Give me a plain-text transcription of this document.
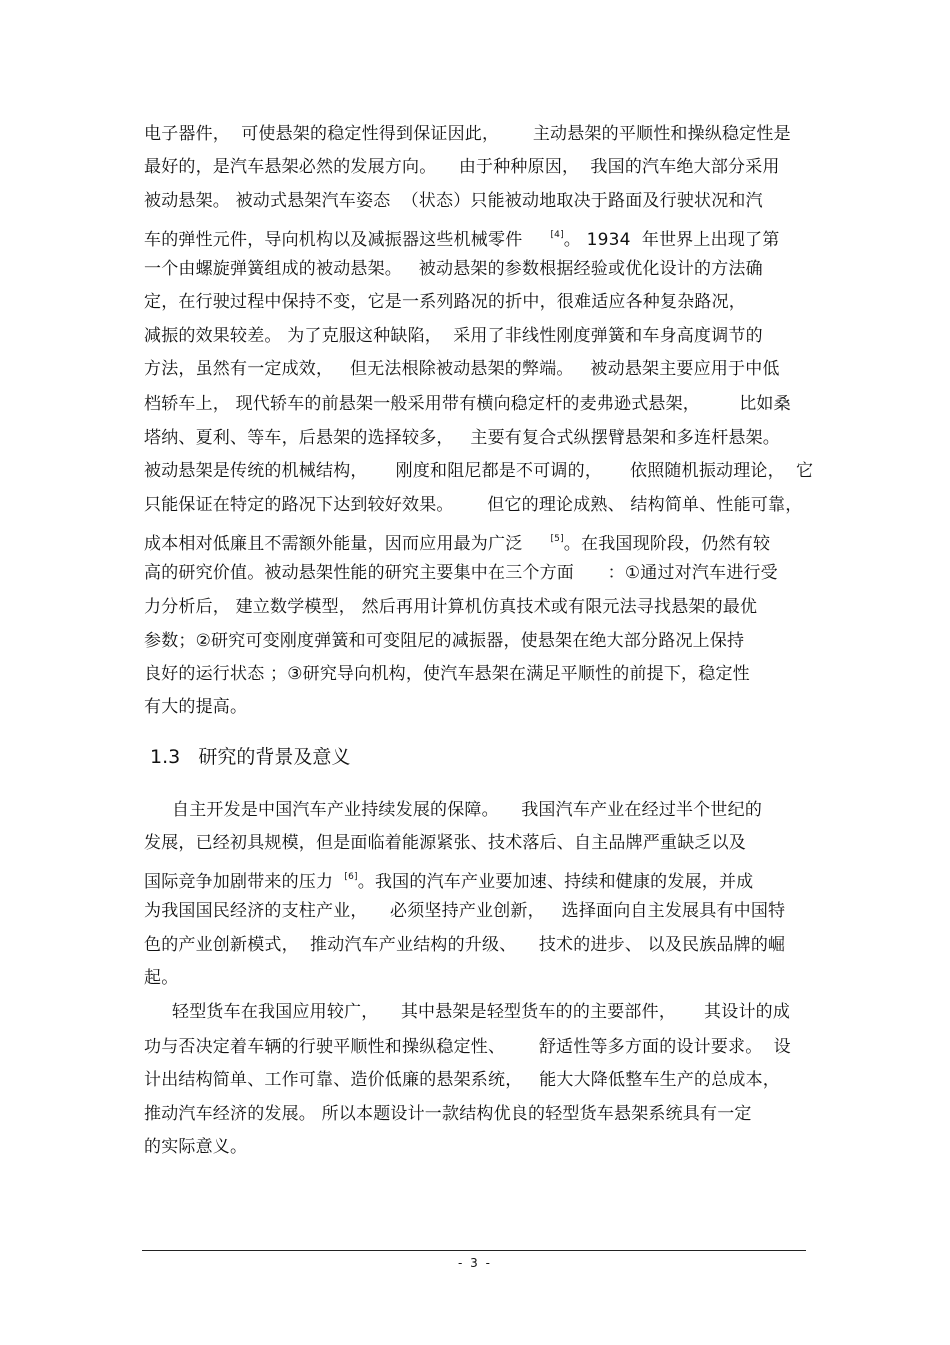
电子器件，  可使悬架的稳定性得到保证因此，      主动悬架的平顺性和操纵稳定性是
最好的，是汽车悬架必然的发展方向。    由于种种原因，  我国的汽车绝大部分采用
被动悬架。 被动式悬架汽车姿态  （状态）只能被动地取决于路面及行驶状况和汽
车的弹性元件，导向机构以及减振器这些机械零件	[4]。 1934  年世界上出现了第
一个由螺旋弹簧组成的被动悬架。   被动悬架的参数根据经验或优化设计的方法确
定，在行驶过程中保持不变，它是一系列路况的折中，很难适应各种复杂路况，
减振的效果较差。 为了克服这种缺陷，  采用了非线性刚度弹簧和车身高度调节的
方法，虽然有一定成效，   但无法根除被动悬架的弊端。   被动悬架主要应用于中低
档轿车上， 现代轿车的前悬架一般采用带有横向稳定杆的麦弗逊式悬架，       比如桑
塔纳、夏利、等车，后悬架的选择较多，   主要有复合式纵摆臂悬架和多连杆悬架。
被动悬架是传统的机械结构，     刚度和阻尼都是不可调的，     依照随机振动理论，  它
只能保证在特定的路况下达到较好效果。      但它的理论成熟、 结构简单、性能可靠，
成本相对低廉且不需额外能量，因而应用最为广泛	[5]。在我国现阶段，仍然有较
高的研究价值。被动悬架性能的研究主要集中在三个方面      ：①通过对汽车进行受
力分析后， 建立数学模型， 然后再用计算机仿真技术或有限元法寻找悬架的最优
参数；②研究可变刚度弹簧和可变阻尼的减振器，使悬架在绝大部分路况上保持
良好的运行状态 ；③研究导向机构，使汽车悬架在满足平顺性的前提下，稳定性
有大的提高。
1.3   研究的背景及意义
自主开发是中国汽车产业持续发展的保障。    我国汽车产业在经过半个世纪的
发展，已经初具规模，但是面临着能源紧张、技术落后、自主品牌严重缺乏以及
国际竞争加剧带来的压力 [6]。我国的汽车产业要加速、持续和健康的发展，并成
为我国国民经济的支柱产业，    必须坚持产业创新，   选择面向自主发展具有中国特
色的产业创新模式，  推动汽车产业结构的升级、    技术的进步、 以及民族品牌的崛
起。
轻型货车在我国应用较广，    其中悬架是轻型货车的的主要部件，     其设计的成
功与否决定着车辆的行驶平顺性和操纵稳定性、      舒适性等多方面的设计要求。  设
计出结构简单、工作可靠、造价低廉的悬架系统，   能大大降低整车生产的总成本，
推动汽车经济的发展。 所以本题设计一款结构优良的轻型货车悬架系统具有一定
的实际意义。
- 3 -
